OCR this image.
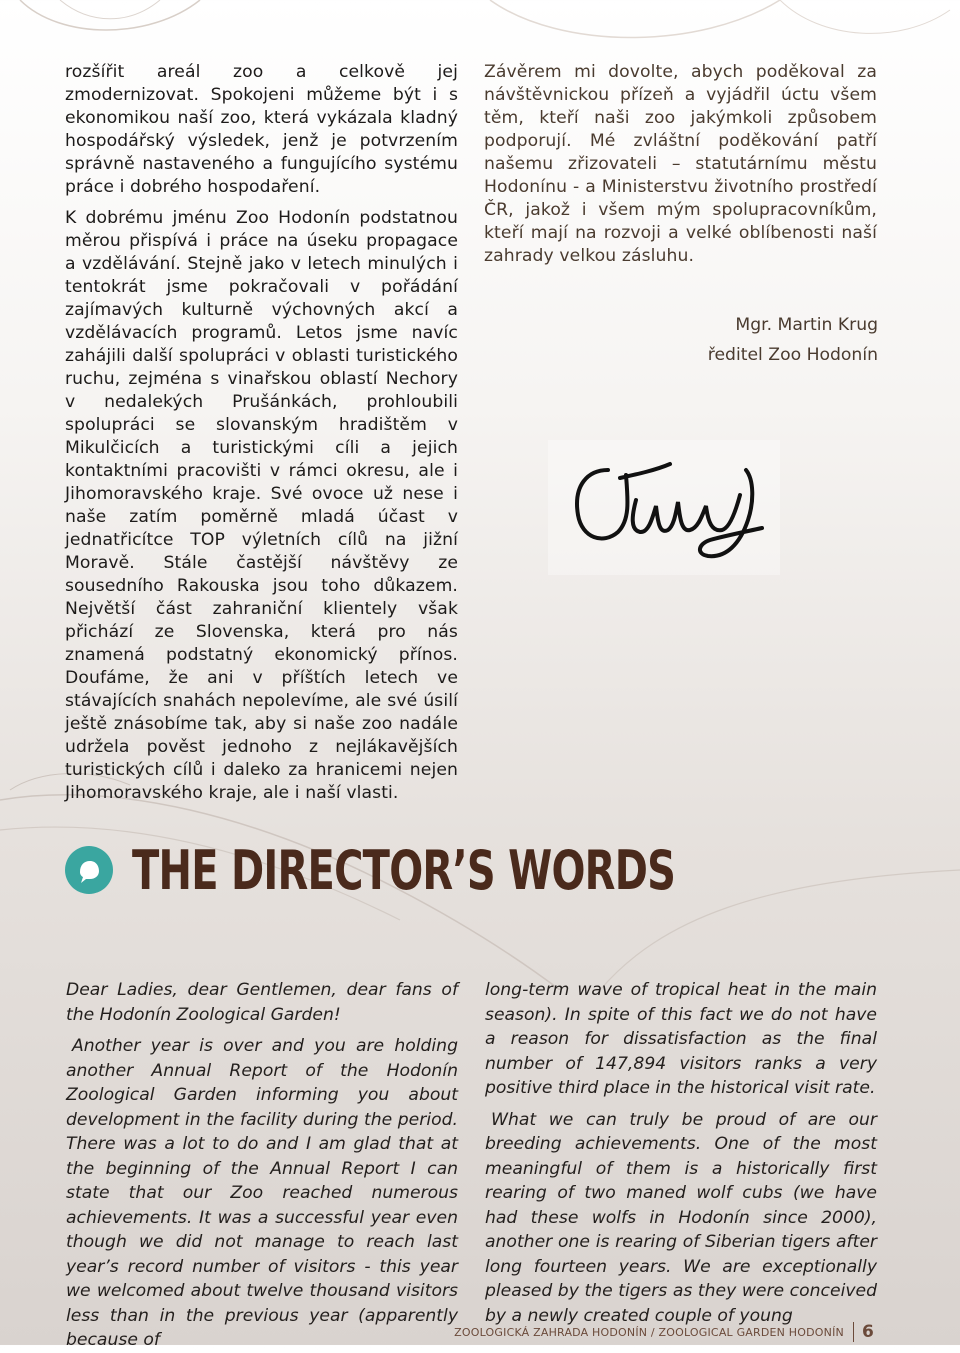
rozšířit areál zoo a celkově jej zmodernizovat. Spokojeni můžeme být i s ekonomikou naší zoo, která vykázala kladný hospodářský výsledek, jenž je potvrzením správně nastaveného a fungujícího systému práce i dobrého hospodaření.

K dobrému jménu Zoo Hodonín podstatnou měrou přispívá i práce na úseku propagace a vzdělávání. Stejně jako v letech minulých i tentokrát jsme pokračovali v pořádání zajímavých kulturně výchovných akcí a vzdělávacích programů. Letos jsme navíc zahájili další spolupráci v oblasti turistického ruchu, zejména s vinařskou oblastí Nechory v nedalekých Prušánkách, prohloubili spolupráci se slovanským hradištěm v Mikulčicích a turistickými cíli a jejich kontaktními pracovišti v rámci okresu, ale i Jihomoravského kraje. Své ovoce už nese i naše zatím poměrně mladá účast v jednatřicítce TOP výletních cílů na jižní Moravě. Stále častější návštěvy ze sousedního Rakouska jsou toho důkazem. Největší část zahraniční klientely však přichází ze Slovenska, která pro nás znamená podstatný ekonomický přínos. Doufáme, že ani v příštích letech ve stávajících snahách nepolevíme, ale své úsilí ještě znásobíme tak, aby si naše zoo nadále udržela pověst jednoho z nejlákavějších turistických cílů i daleko za hranicemi nejen Jihomoravského kraje, ale i naší vlasti.

Závěrem mi dovolte, abych poděkoval za návštěvnickou přízeň a vyjádřil úctu všem těm, kteří naši zoo jakýmkoli způsobem podporují. Mé zvláštní poděkování patří našemu zřizovateli – statutárnímu městu Hodonínu - a Ministerstvu životního prostředí ČR, jakož i všem mým spolupracovníkům, kteří mají na rozvoji a velké oblíbenosti naší zahrady velkou zásluhu.

Mgr. Martin Krug
ředitel Zoo Hodonín
THE DIRECTOR’S WORDS

Dear Ladies, dear Gentlemen, dear fans of the Hodonín Zoological Garden!

Another year is over and you are holding another Annual Report of the Hodonín Zoological Garden informing you about development in the facility during the period. There was a lot to do and I am glad that at the beginning of the Annual Report I can state that our Zoo reached numerous achievements. It was a successful year even though we did not manage to reach last year’s record number of visitors - this year we welcomed about twelve thousand visitors less than in the previous year (apparently because of

long-term wave of tropical heat in the main season). In spite of this fact we do not have a reason for dissatisfaction as the final number of 147,894 visitors ranks a very positive third place in the historical visit rate.

What we can truly be proud of are our breeding achievements. One of the most meaningful of them is a historically first rearing of two maned wolf cubs (we have had these wolfs in Hodonín since 2000), another one is rearing of Siberian tigers after long fourteen years. We are exceptionally pleased by the tigers as they were conceived by a newly created couple of young

ZOOLOGICKÁ ZAHRADA HODONÍN / ZOOLOGICAL GARDEN HODONÍN 6
